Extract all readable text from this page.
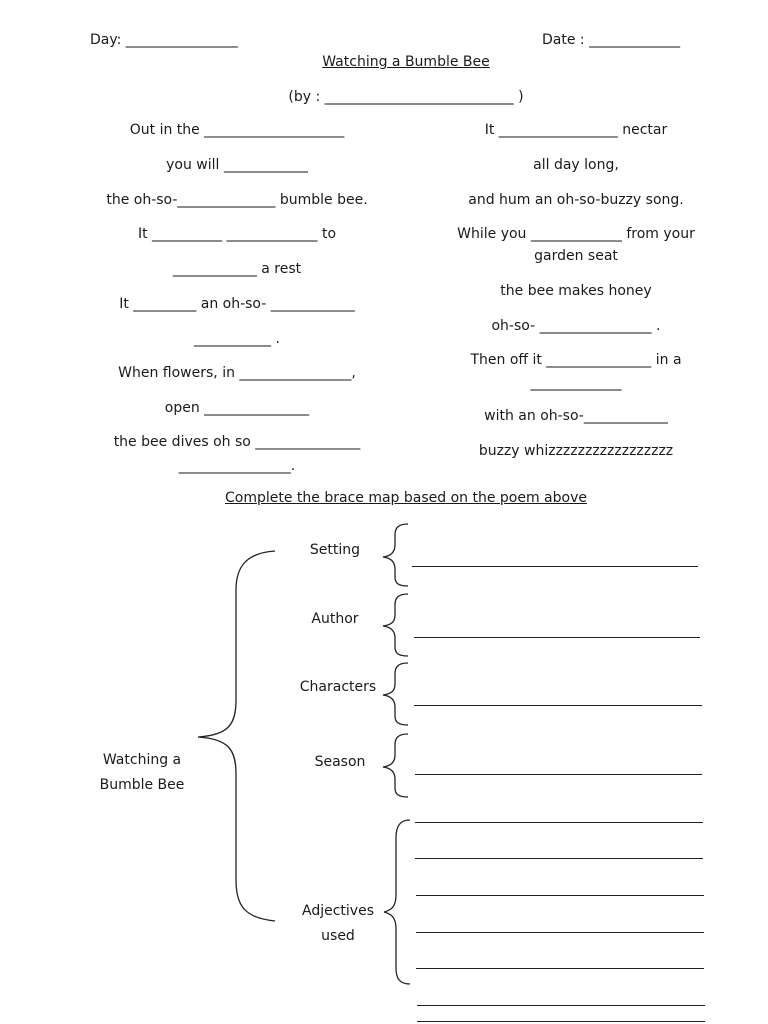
Day: ________________	Date : _____________
Watching a Bumble Bee
(by : ___________________________ )
Out in the ____________________
you will ____________
the oh-so-______________ bumble bee.
It __________ _____________ to
____________ a rest
It _________ an oh-so- ____________
___________ .
When flowers, in ________________,
open _______________
the bee dives oh so _______________
________________.
It _________________ nectar
all day long,
and hum an oh-so-buzzy song.
While you _____________ from your
garden seat
the bee makes honey
oh-so- ________________ .
Then off it _______________ in a
_____________
with an oh-so-____________
buzzy whizzzzzzzzzzzzzzzzz
Complete the brace map based on the poem above
Watching a
Bumble Bee
Setting
Author
Characters
Season
Adjectives
used
